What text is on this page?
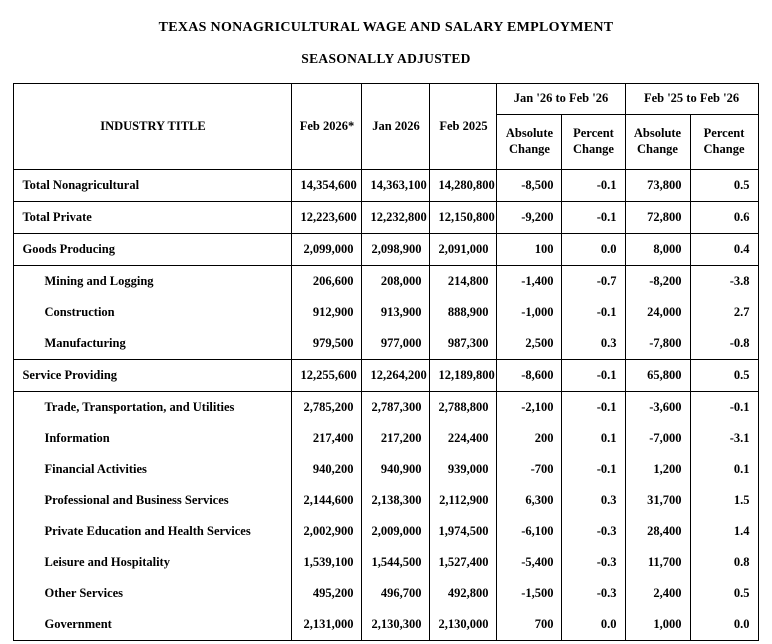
TEXAS NONAGRICULTURAL WAGE AND SALARY EMPLOYMENT
SEASONALLY ADJUSTED
INDUSTRY TITLE	Feb 2026*	Jan 2026	Feb 2025	Jan '26 to Feb '26		Feb '25 to Feb '26	
				Absolute Change	Percent Change	Absolute Change	Percent Change
Total Nonagricultural	14,354,600	14,363,100	14,280,800	-8,500	-0.1	73,800	0.5
Total Private	12,223,600	12,232,800	12,150,800	-9,200	-0.1	72,800	0.6
Goods Producing	2,099,000	2,098,900	2,091,000	100	0.0	8,000	0.4
Mining and Logging	206,600	208,000	214,800	-1,400	-0.7	-8,200	-3.8
Construction	912,900	913,900	888,900	-1,000	-0.1	24,000	2.7
Manufacturing	979,500	977,000	987,300	2,500	0.3	-7,800	-0.8
Service Providing	12,255,600	12,264,200	12,189,800	-8,600	-0.1	65,800	0.5
Trade, Transportation, and Utilities	2,785,200	2,787,300	2,788,800	-2,100	-0.1	-3,600	-0.1
Information	217,400	217,200	224,400	200	0.1	-7,000	-3.1
Financial Activities	940,200	940,900	939,000	-700	-0.1	1,200	0.1
Professional and Business Services	2,144,600	2,138,300	2,112,900	6,300	0.3	31,700	1.5
Private Education and Health Services	2,002,900	2,009,000	1,974,500	-6,100	-0.3	28,400	1.4
Leisure and Hospitality	1,539,100	1,544,500	1,527,400	-5,400	-0.3	11,700	0.8
Other Services	495,200	496,700	492,800	-1,500	-0.3	2,400	0.5
Government	2,131,000	2,130,300	2,130,000	700	0.0	1,000	0.0
